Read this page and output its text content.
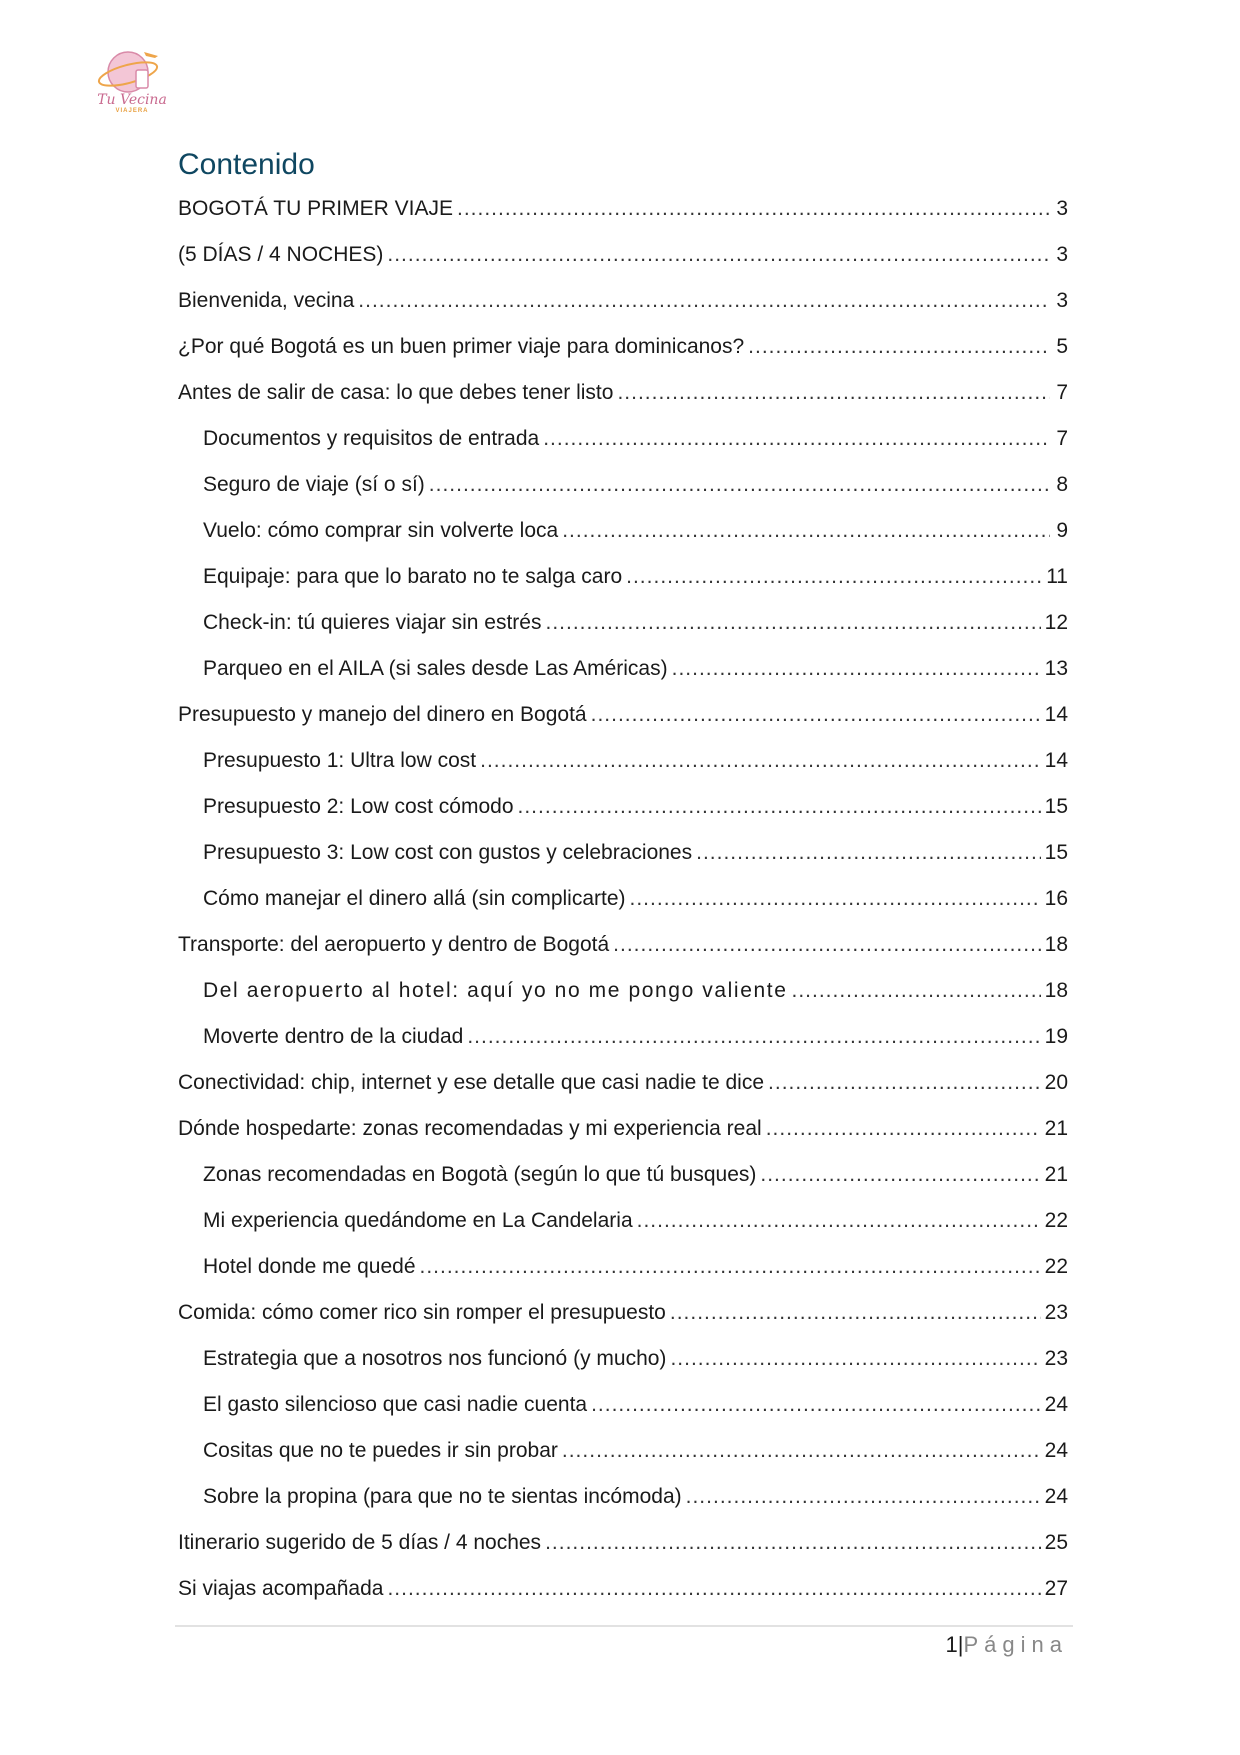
Tu Vecina
VIAJERA
Contenido
BOGOTÁ TU PRIMER VIAJE .....	3
(5 DÍAS / 4 NOCHES) .....	3
Bienvenida, vecina .....	3
¿Por qué Bogotá es un buen primer viaje para dominicanos? .....	5
Antes de salir de casa: lo que debes tener listo .....	7
Documentos y requisitos de entrada .....	7
Seguro de viaje (sí o sí) .....	8
Vuelo: cómo comprar sin volverte loca .....	9
Equipaje: para que lo barato no te salga caro .....	11
Check-in: tú quieres viajar sin estrés .....	12
Parqueo en el AILA (si sales desde Las Américas) .....	13
Presupuesto y manejo del dinero en Bogotá .....	14
Presupuesto 1: Ultra low cost .....	14
Presupuesto 2: Low cost cómodo .....	15
Presupuesto 3: Low cost con gustos y celebraciones .....	15
Cómo manejar el dinero allá (sin complicarte) .....	16
Transporte: del aeropuerto y dentro de Bogotá .....	18
Del aeropuerto al hotel: aquí yo no me pongo valiente .....	18
Moverte dentro de la ciudad .....	19
Conectividad: chip, internet y ese detalle que casi nadie te dice .....	20
Dónde hospedarte: zonas recomendadas y mi experiencia real .....	21
Zonas recomendadas en Bogotà (según lo que tú busques) .....	21
Mi experiencia quedándome en La Candelaria .....	22
Hotel donde me quedé .....	22
Comida: cómo comer rico sin romper el presupuesto .....	23
Estrategia que a nosotros nos funcionó (y mucho) .....	23
El gasto silencioso que casi nadie cuenta .....	24
Cositas que no te puedes ir sin probar .....	24
Sobre la propina (para que no te sientas incómoda) .....	24
Itinerario sugerido de 5 días / 4 noches .....	25
Si viajas acompañada .....	27
1|Página
